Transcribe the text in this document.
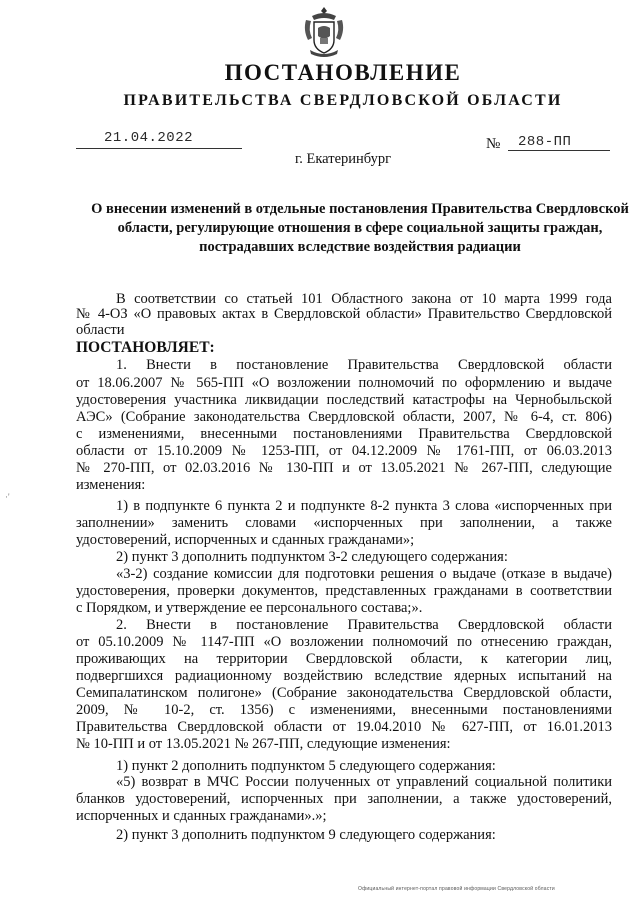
ПОСТАНОВЛЕНИЕ
ПРАВИТЕЛЬСТВА СВЕРДЛОВСКОЙ ОБЛАСТИ
21.04.2022	№ 288-ПП
г. Екатеринбург
О внесении изменений в отдельные постановления Правительства Свердловской области, регулирующие отношения в сфере социальной защиты граждан, пострадавших вследствие воздействия радиации
В соответствии со статьей 101 Областного закона от 10 марта 1999 года
№ 4-ОЗ «О правовых актах в Свердловской области» Правительство Свердловской
области
ПОСТАНОВЛЯЕТ:
1. Внести в постановление Правительства Свердловской области
от 18.06.2007 № 565-ПП «О возложении полномочий по оформлению и выдаче
удостоверения участника ликвидации последствий катастрофы на Чернобыльской
АЭС» (Собрание законодательства Свердловской области, 2007, № 6-4, ст. 806)
с изменениями, внесенными постановлениями Правительства Свердловской
области от 15.10.2009 № 1253-ПП, от 04.12.2009 № 1761-ПП, от 06.03.2013
№ 270-ПП, от 02.03.2016 № 130-ПП и от 13.05.2021 № 267-ПП, следующие
изменения:
1) в подпункте 6 пункта 2 и подпункте 8-2 пункта 3 слова «испорченных при
заполнении» заменить словами «испорченных при заполнении, а также
удостоверений, испорченных и сданных гражданами»;
2) пункт 3 дополнить подпунктом 3-2 следующего содержания:
«3-2) создание комиссии для подготовки решения о выдаче (отказе в выдаче)
удостоверения, проверки документов, представленных гражданами в соответствии
с Порядком, и утверждение ее персонального состава;».
2. Внести в постановление Правительства Свердловской области
от 05.10.2009 № 1147-ПП «О возложении полномочий по отнесению граждан,
проживающих на территории Свердловской области, к категории лиц,
подвергшихся радиационному воздействию вследствие ядерных испытаний на
Семипалатинском полигоне» (Собрание законодательства Свердловской области,
2009, № 10-2, ст. 1356) с изменениями, внесенными постановлениями
Правительства Свердловской области от 19.04.2010 № 627-ПП, от 16.01.2013
№ 10-ПП и от 13.05.2021 № 267-ПП, следующие изменения:
1) пункт 2 дополнить подпунктом 5 следующего содержания:
«5) возврат в МЧС России полученных от управлений социальной политики
бланков удостоверений, испорченных при заполнении, а также удостоверений,
испорченных и сданных гражданами».»;
2) пункт 3 дополнить подпунктом 9 следующего содержания:
·'
Официальный интернет-портал правовой информации Свердловской области
